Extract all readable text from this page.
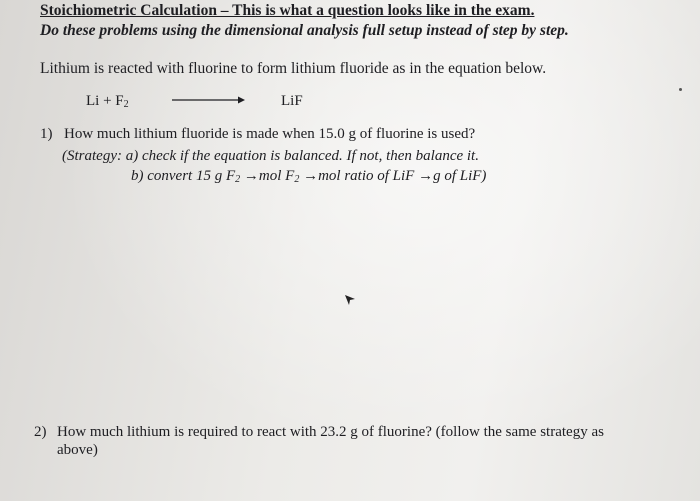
Stoichiometric Calculation – This is what a question looks like in the exam.
Do these problems using the dimensional analysis full setup instead of step by step.
Lithium is reacted with fluorine to form lithium fluoride as in the equation below.
$Li + F_2$	LiF
1) How much lithium fluoride is made when 15.0 g of fluorine is used?
(Strategy: a) check if the equation is balanced. If not, then balance it.
b) convert 15 g $F_2 \to mol$ $F_2 \to mol$ ratio of LiF →g of LiF)
2) How much lithium is required to react with 23.2 g of fluorine? (follow the same strategy as
above)
